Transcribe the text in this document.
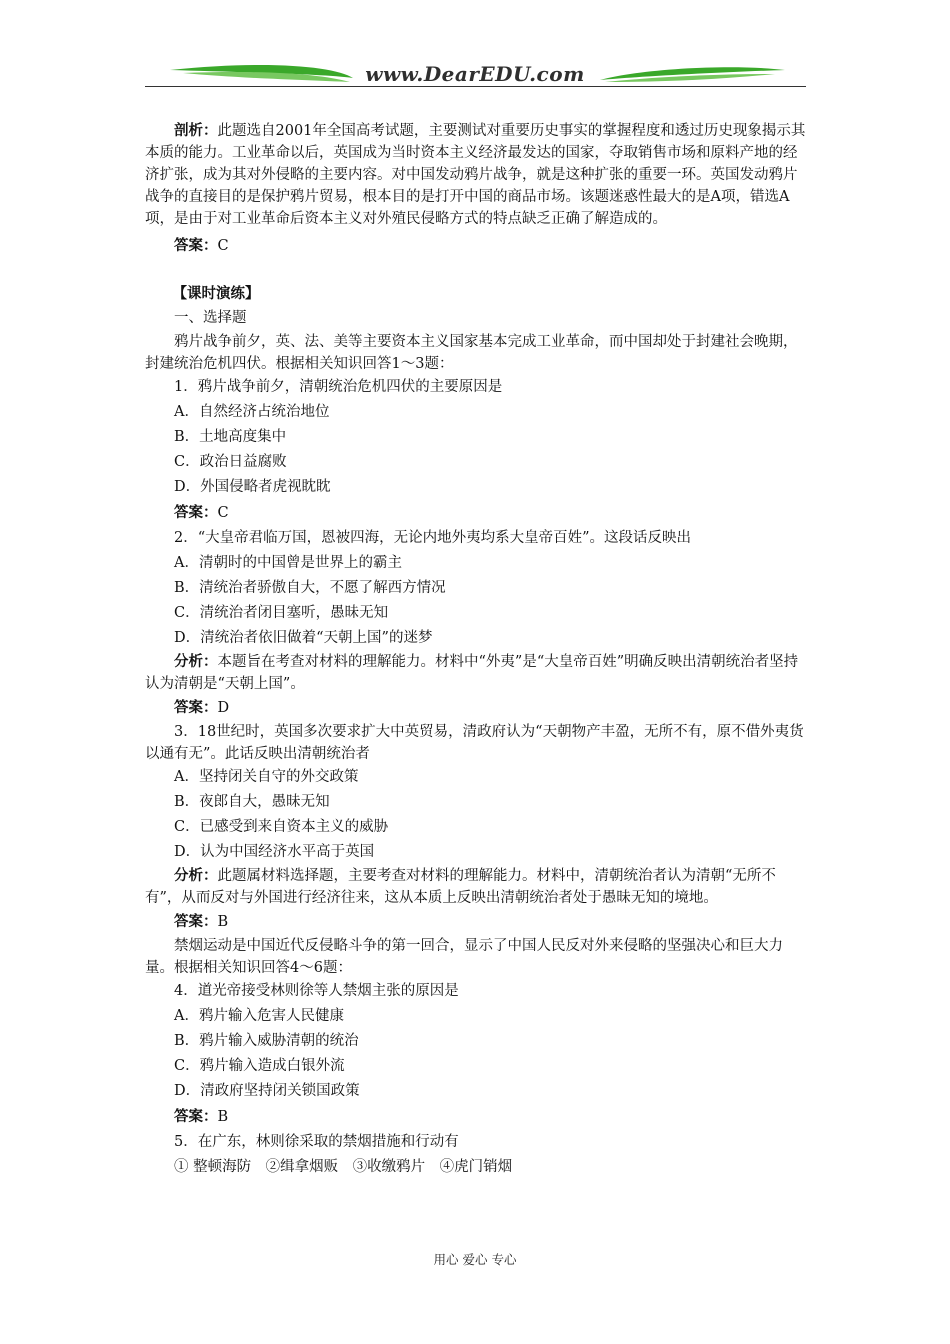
www.DearEDU.com

剖析：此题选自2001年全国高考试题，主要测试对重要历史事实的掌握程度和透过历史现象揭示其本质的能力。工业革命以后，英国成为当时资本主义经济最发达的国家，夺取销售市场和原料产地的经济扩张，成为其对外侵略的主要内容。对中国发动鸦片战争，就是这种扩张的重要一环。英国发动鸦片战争的直接目的是保护鸦片贸易，根本目的是打开中国的商品市场。该题迷惑性最大的是A项，错选A项，是由于对工业革命后资本主义对外殖民侵略方式的特点缺乏正确了解造成的。

答案：C

【课时演练】

一、选择题

鸦片战争前夕，英、法、美等主要资本主义国家基本完成工业革命，而中国却处于封建社会晚期，封建统治危机四伏。根据相关知识回答1～3题：

1．鸦片战争前夕，清朝统治危机四伏的主要原因是

A．自然经济占统治地位

B．土地高度集中

C．政治日益腐败

D．外国侵略者虎视眈眈

答案：C

2．“大皇帝君临万国，恩被四海，无论内地外夷均系大皇帝百姓”。这段话反映出

A．清朝时的中国曾是世界上的霸主

B．清统治者骄傲自大，不愿了解西方情况

C．清统治者闭目塞听，愚昧无知

D．清统治者依旧做着“天朝上国”的迷梦

分析：本题旨在考查对材料的理解能力。材料中“外夷”是“大皇帝百姓”明确反映出清朝统治者坚持认为清朝是“天朝上国”。

答案：D

3．18世纪时，英国多次要求扩大中英贸易，清政府认为“天朝物产丰盈，无所不有，原不借外夷货以通有无”。此话反映出清朝统治者

A．坚持闭关自守的外交政策

B．夜郎自大，愚昧无知

C．已感受到来自资本主义的威胁

D．认为中国经济水平高于英国

分析：此题属材料选择题，主要考查对材料的理解能力。材料中，清朝统治者认为清朝“无所不有”，从而反对与外国进行经济往来，这从本质上反映出清朝统治者处于愚昧无知的境地。

答案：B

禁烟运动是中国近代反侵略斗争的第一回合，显示了中国人民反对外来侵略的坚强决心和巨大力量。根据相关知识回答4～6题：

4．道光帝接受林则徐等人禁烟主张的原因是

A．鸦片输入危害人民健康

B．鸦片输入威胁清朝的统治

C．鸦片输入造成白银外流

D．清政府坚持闭关锁国政策

答案：B

5．在广东，林则徐采取的禁烟措施和行动有

① 整顿海防　②缉拿烟贩　③收缴鸦片　④虎门销烟

用心 爱心 专心
